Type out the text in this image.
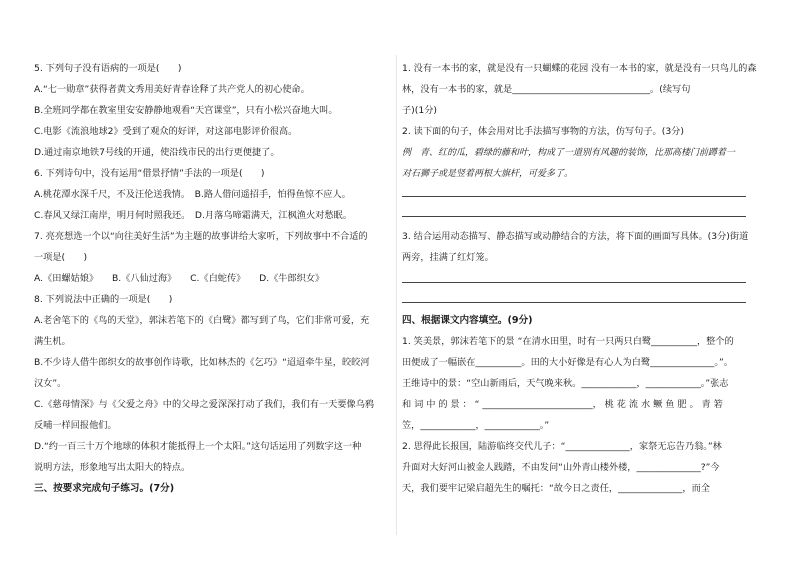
5. 下列句子没有语病的一项是(　　)
A.“七一勋章”获得者黄文秀用美好青春诠释了共产党人的初心使命。
B.全班同学都在教室里安安静静地观看“天宫课堂”，只有小松兴奋地大叫。
C.电影《流浪地球2》受到了观众的好评，对这部电影评价很高。
D.通过南京地铁7号线的开通，使沿线市民的出行更便捷了。
6. 下列诗句中，没有运用“借景抒情”手法的一项是(　　)
A.桃花潭水深千尺，不及汪伦送我情。　B.路人借问遥招手，怕得鱼惊不应人。
C.春风又绿江南岸，明月何时照我还。　D.月落乌啼霜满天，江枫渔火对愁眠。
7. 亮亮想选一个以“向往美好生活”为主题的故事讲给大家听，下列故事中不合适的
一项是(　　)
A.《田螺姑娘》　　B.《八仙过海》　　C.《白蛇传》　　D.《牛郎织女》
8. 下列说法中正确的一项是(　　)
A.老舍笔下的《鸟的天堂》，郭沫若笔下的《白鹭》都写到了鸟，它们非常可爱，充
满生机。
B.不少诗人借牛郎织女的故事创作诗歌，比如林杰的《乞巧》“迢迢牵牛星，皎皎河
汉女”。
C.《慈母情深》与《父爱之舟》中的父母之爱深深打动了我们，我们有一天要像乌鸦
反哺一样回报他们。
D.“约一百三十万个地球的体积才能抵得上一个太阳。”这句话运用了列数字这一种
说明方法，形象地写出太阳大的特点。
三、按要求完成句子练习。(7分)
1. 没有一本书的家，就是没有一只蝴蝶的花园 没有一本书的家，就是没有一只鸟儿的森
林，没有一本书的家，就是______________________________。(续写句
子)(1分)
2. 读下面的句子，体会用对比手法描写事物的方法，仿写句子。(3分)
例　青、红的瓜，碧绿的藤和叶，构成了一道别有风趣的装饰，比那高楼门前蹲着一
对石狮子或是竖着两根大旗杆，可爱多了。
3. 结合运用动态描写、静态描写或动静结合的方法，将下面的画面写具体。(3分)街道
两旁，挂满了红灯笼。
四、根据课文内容填空。(9分)
1. 笑美景，郭沫若笔下的景 “在清水田里，时有一只两只白鹭__________，整个的
田便成了一幅嵌在__________。田的大小好像是有心人为白鹭______________。”。
王维诗中的景：“空山新雨后，天气晚来秋。____________，____________。”张志
和 词 中 的 景 ： “ ________________________， 桃 花 流 水 鳜 鱼 肥 。 青 箬
笠，____________，____________。”
2. 思得此长报国，陆游临终交代儿子：“______________，家祭无忘告乃翁。”林
升面对大好河山被金人践踏，不由发问“山外青山楼外楼，______________?”今
天，我们要牢记梁启超先生的嘱托：“故今日之责任，______________，而全
